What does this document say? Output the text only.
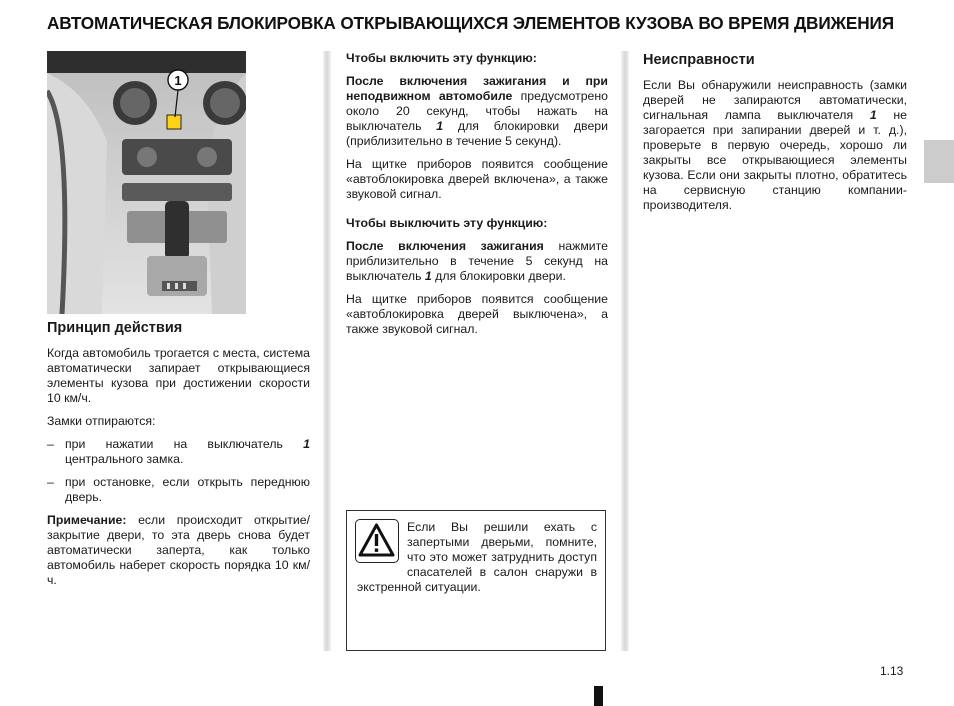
АВТОМАТИЧЕСКАЯ БЛОКИРОВКА ОТКРЫВАЮЩИХСЯ ЭЛЕМЕНТОВ КУЗОВА ВО ВРЕМЯ ДВИЖЕНИЯ
1
Принцип действия

Когда автомобиль трогается с места, система автоматически запирает открывающиеся элементы кузова при достижении скорости 10 км/ч.

Замки отпираются:

– при нажатии на выключатель 1 центрального замка.
– при остановке, если открыть переднюю дверь.

Примечание: если происходит открытие/закрытие двери, то эта дверь снова будет автоматически заперта, как только автомобиль наберет скорость порядка 10 км/ч.

Чтобы включить эту функцию:

После включения зажигания и при неподвижном автомобиле предусмотрено около 20 секунд, чтобы нажать на выключатель 1 для блокировки двери (приблизительно в течение 5 секунд).

На щитке приборов появится сообщение «автоблокировка дверей включена», а также звуковой сигнал.

Чтобы выключить эту функцию:

После включения зажигания нажмите приблизительно в течение 5 секунд на выключатель 1 для блокировки двери.

На щитке приборов появится сообщение «автоблокировка дверей выключена», а также звуковой сигнал.

Если Вы решили ехать с запертыми дверьми, помните, что это может затруднить доступ спасателей в салон снаружи в экстренной ситуации.
Неисправности

Если Вы обнаружили неисправность (замки дверей не запираются автоматически, сигнальная лампа выключателя 1 не загорается при запирании дверей и т. д.), проверьте в первую очередь, хорошо ли закрыты все открывающиеся элементы кузова. Если они закрыты плотно, обратитесь на сервисную станцию компании-производителя.

1.13
